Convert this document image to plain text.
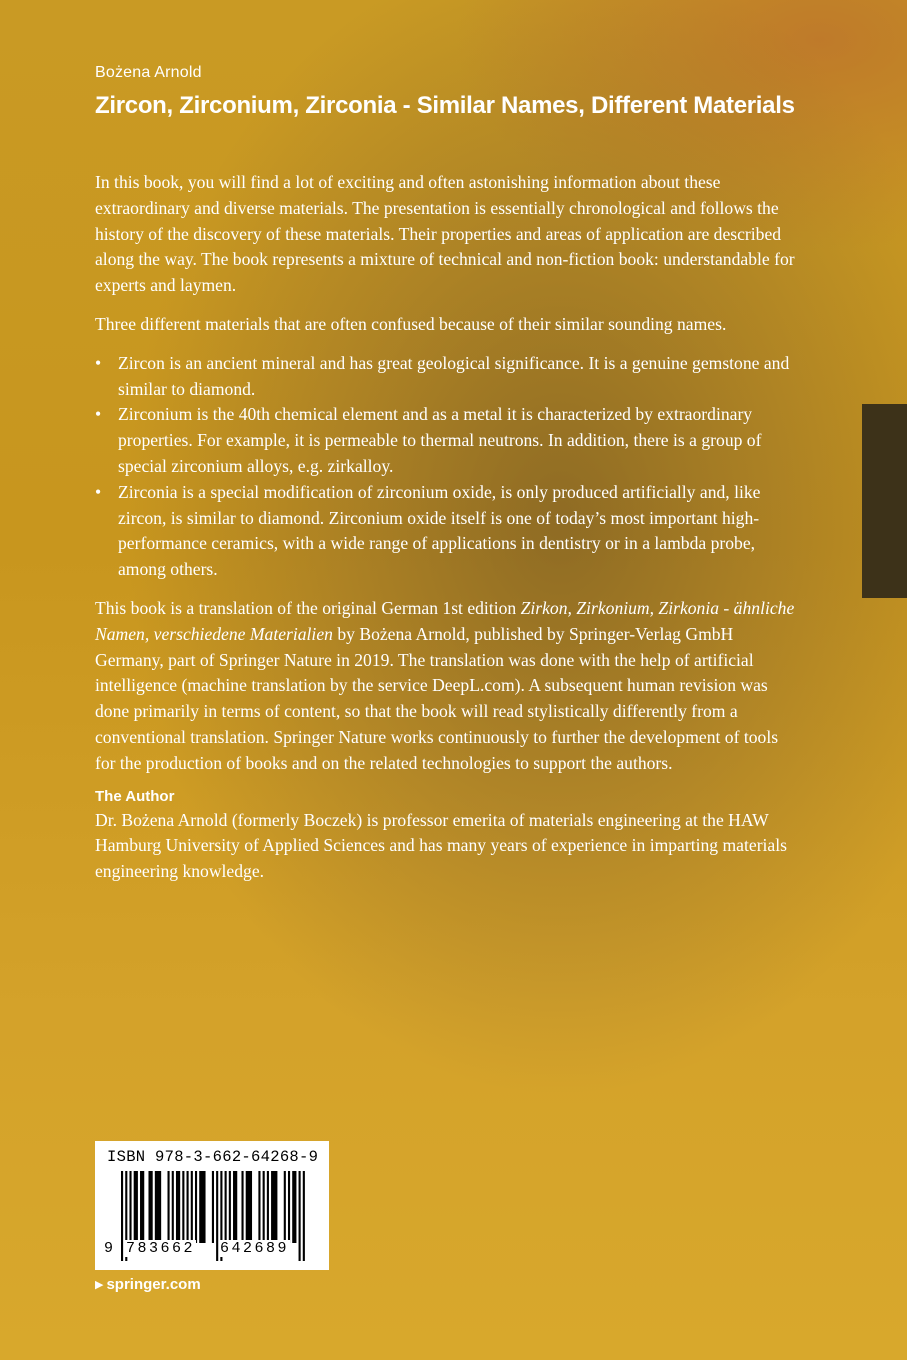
Bożena Arnold
Zircon, Zirconium, Zirconia - Similar Names, Different Materials

In this book, you will find a lot of exciting and often astonishing information about these extraordinary and diverse materials. The presentation is essentially chronological and follows the history of the discovery of these materials. Their properties and areas of application are described along the way. The book represents a mixture of technical and non-fiction book: understandable for experts and laymen.

Three different materials that are often confused because of their similar sounding names.

• Zircon is an ancient mineral and has great geological significance. It is a genuine gemstone and similar to diamond.
• Zirconium is the 40th chemical element and as a metal it is characterized by extraordinary properties. For example, it is permeable to thermal neutrons. In addition, there is a group of special zirconium alloys, e.g. zirkalloy.
• Zirconia is a special modification of zirconium oxide, is only produced artificially and, like zircon, is similar to diamond. Zirconium oxide itself is one of today’s most important high-performance ceramics, with a wide range of applications in dentistry or in a lambda probe, among others.

This book is a translation of the original German 1st edition Zirkon, Zirkonium, Zirkonia - ähnliche Namen, verschiedene Materialien by Bożena Arnold, published by Springer-Verlag GmbH Germany, part of Springer Nature in 2019. The translation was done with the help of artificial intelligence (machine translation by the service DeepL.com). A subsequent human revision was done primarily in terms of content, so that the book will read stylistically differently from a conventional translation. Springer Nature works continuously to further the development of tools for the production of books and on the related technologies to support the authors.

The Author

Dr. Bożena Arnold (formerly Boczek) is professor emerita of materials engineering at the HAW Hamburg University of Applied Sciences and has many years of experience in imparting materials engineering knowledge.

ISBN 978-3-662-64268-9
9 783662 642689
▶ springer.com
